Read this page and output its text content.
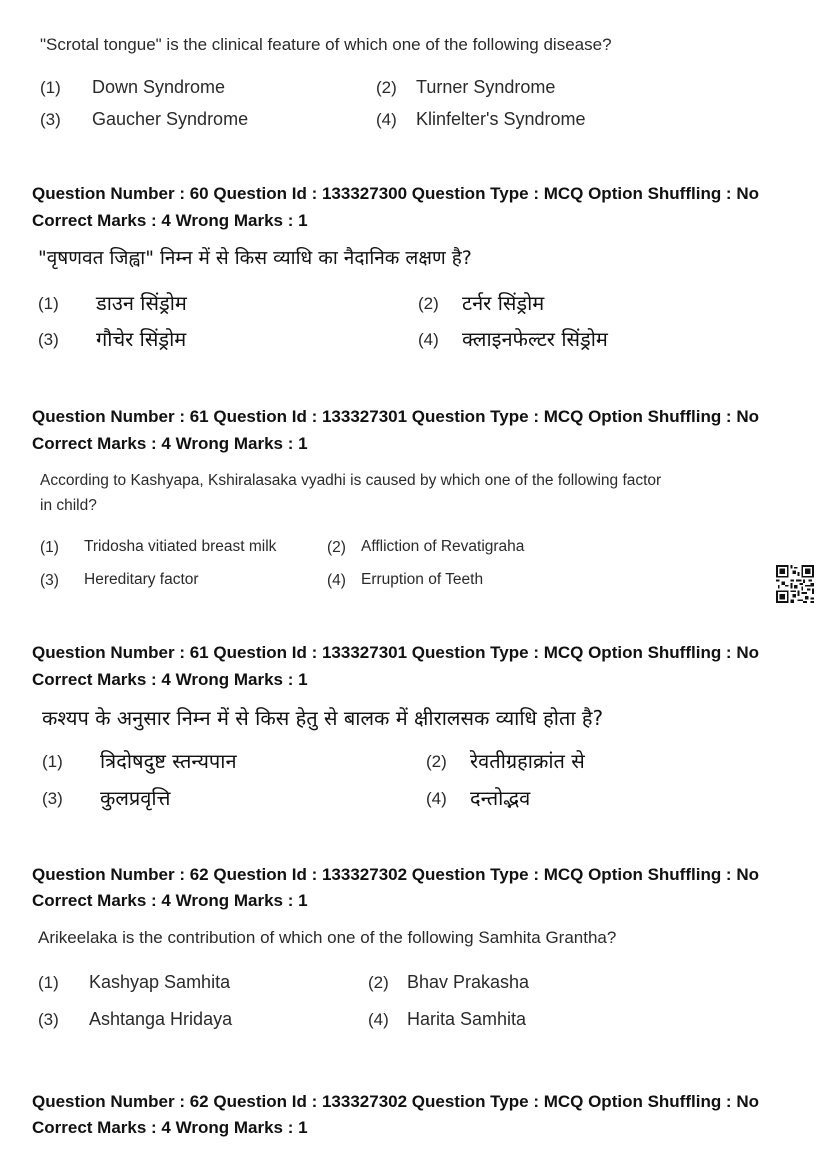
"Scrotal tongue" is the clinical feature of which one of the following disease?
(1) Down Syndrome	(2) Turner Syndrome
(3) Gaucher Syndrome	(4) Klinfelter's Syndrome
Question Number : 60 Question Id : 133327300 Question Type : MCQ Option Shuffling : No
Correct Marks : 4 Wrong Marks : 1
"वृषणवत जिह्वा" निम्न में से किस व्याधि का नैदानिक लक्षण है?
(1) डाउन सिंड्रोम	(2) टर्नर सिंड्रोम
(3) गौचेर सिंड्रोम	(4) क्लाइनफेल्टर सिंड्रोम
Question Number : 61 Question Id : 133327301 Question Type : MCQ Option Shuffling : No
Correct Marks : 4 Wrong Marks : 1
According to Kashyapa, Kshiralasaka vyadhi is caused by which one of the following factor
in child?
(1) Tridosha vitiated breast milk	(2) Affliction of Revatigraha
(3) Hereditary factor	(4) Erruption of Teeth
Question Number : 61 Question Id : 133327301 Question Type : MCQ Option Shuffling : No
Correct Marks : 4 Wrong Marks : 1
कश्यप के अनुसार निम्न में से किस हेतु से बालक में क्षीरालसक व्याधि होता है?
(1) त्रिदोषदुष्ट स्तन्यपान	(2) रेवतीग्रहाक्रांत से
(3) कुलप्रवृत्ति	(4) दन्तोद्भव
Question Number : 62 Question Id : 133327302 Question Type : MCQ Option Shuffling : No
Correct Marks : 4 Wrong Marks : 1
Arikeelaka is the contribution of which one of the following Samhita Grantha?
(1) Kashyap Samhita	(2) Bhav Prakasha
(3) Ashtanga Hridaya	(4) Harita Samhita
Question Number : 62 Question Id : 133327302 Question Type : MCQ Option Shuffling : No
Correct Marks : 4 Wrong Marks : 1
